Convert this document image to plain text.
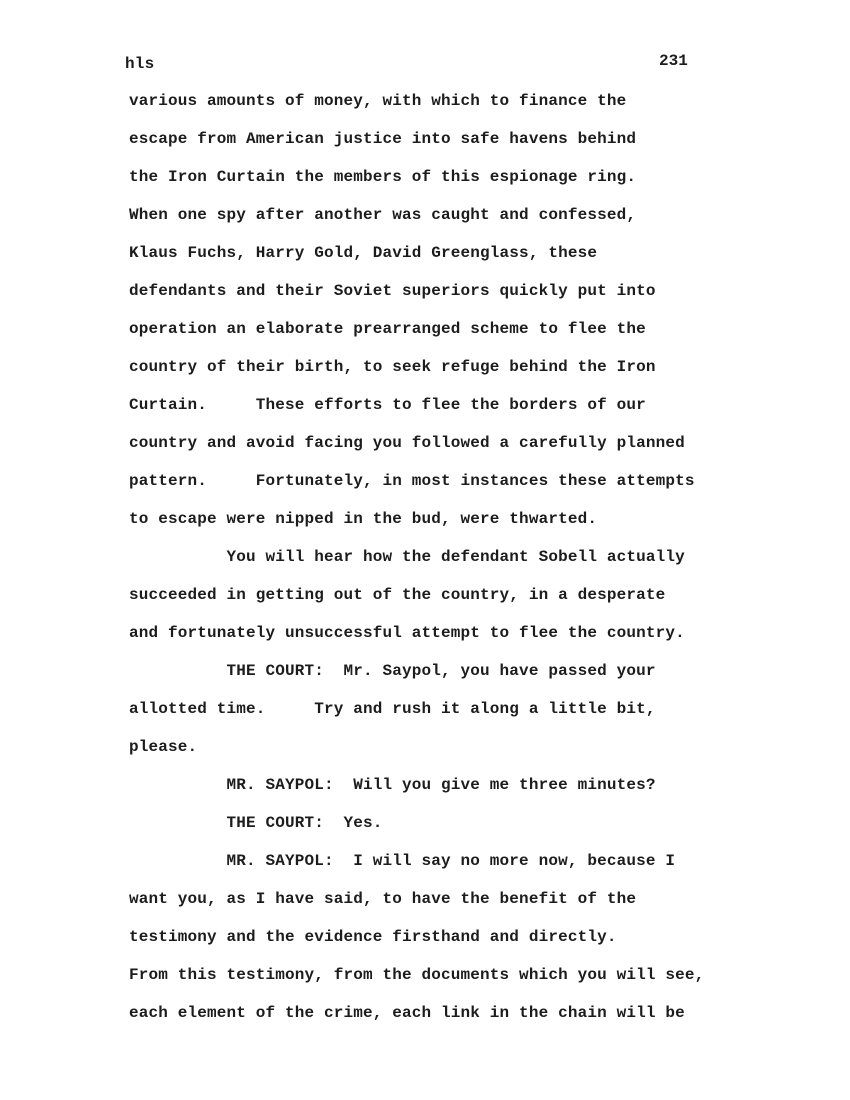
hls	231
various amounts of money, with which to finance the
escape from American justice into safe havens behind
the Iron Curtain the members of this espionage ring.
When one spy after another was caught and confessed,
Klaus Fuchs, Harry Gold, David Greenglass, these
defendants and their Soviet superiors quickly put into
operation an elaborate prearranged scheme to flee the
country of their birth, to seek refuge behind the Iron
Curtain.     These efforts to flee the borders of our
country and avoid facing you followed a carefully planned
pattern.     Fortunately, in most instances these attempts
to escape were nipped in the bud, were thwarted.
You will hear how the defendant Sobell actually
succeeded in getting out of the country, in a desperate
and fortunately unsuccessful attempt to flee the country.
THE COURT:  Mr. Saypol, you have passed your
allotted time.     Try and rush it along a little bit,
please.
MR. SAYPOL:  Will you give me three minutes?
THE COURT:  Yes.
MR. SAYPOL:  I will say no more now, because I
want you, as I have said, to have the benefit of the
testimony and the evidence firsthand and directly.
From this testimony, from the documents which you will see,
each element of the crime, each link in the chain will be
